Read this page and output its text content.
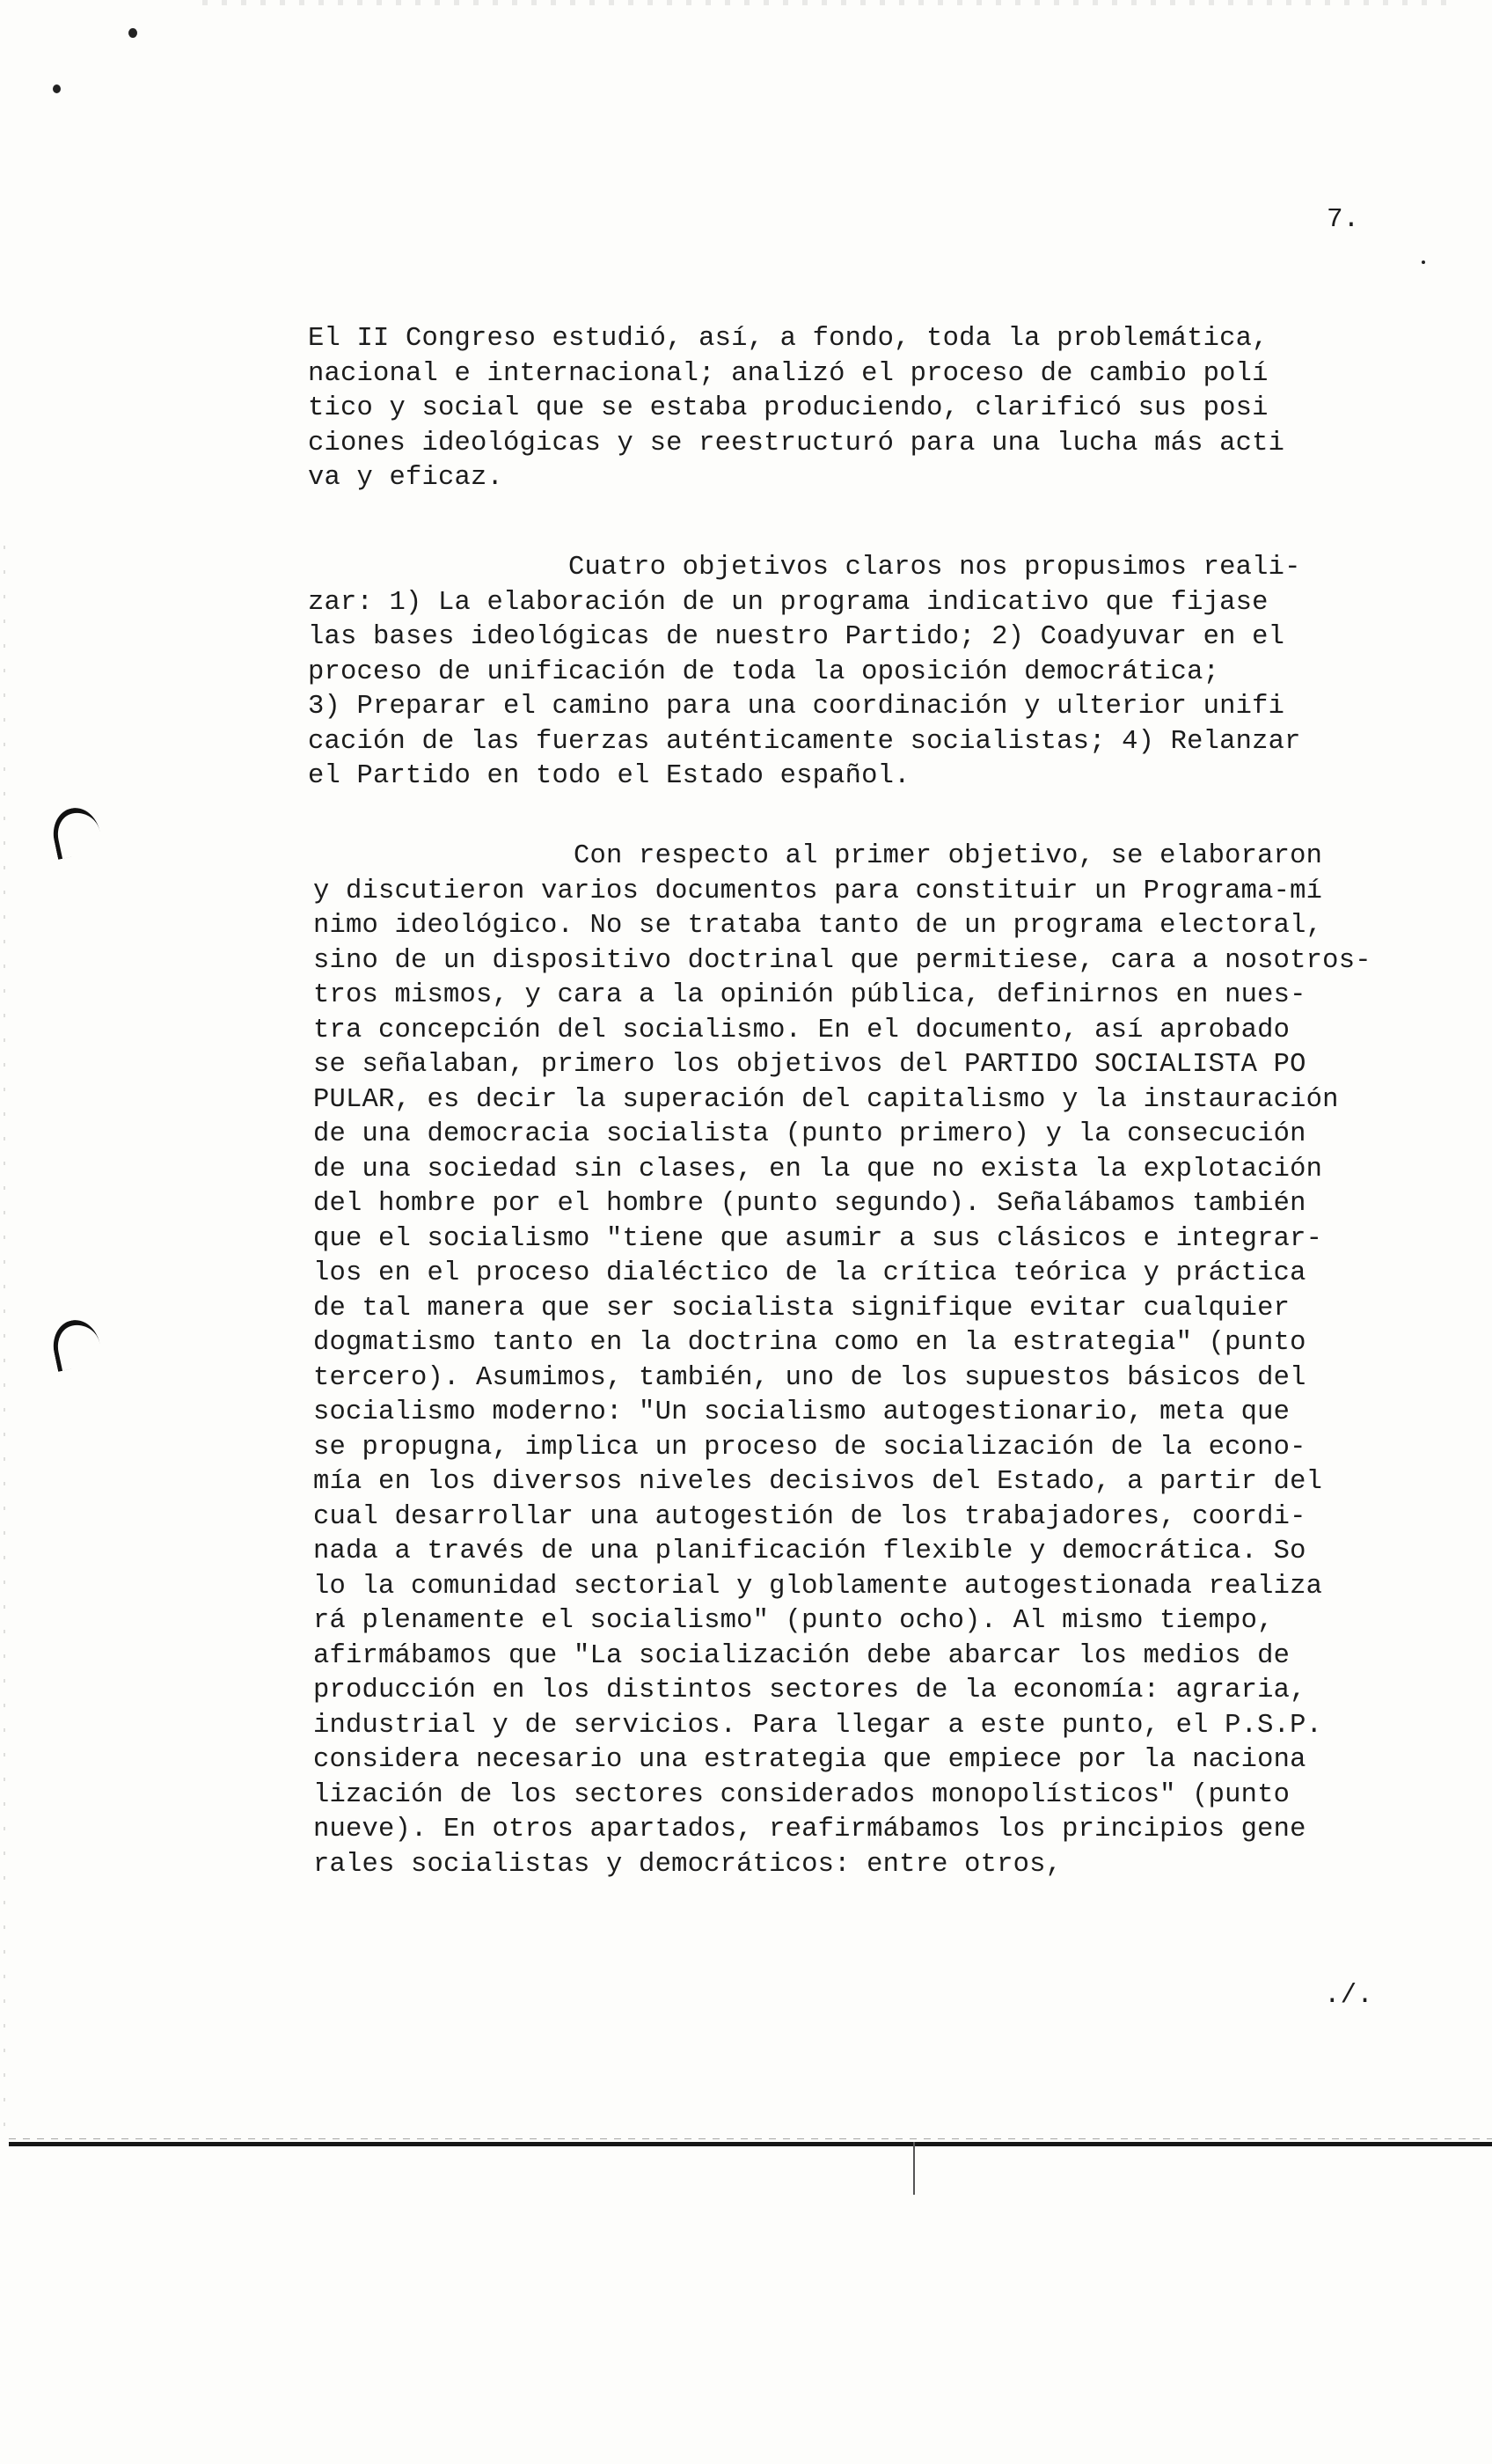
7.

El II Congreso estudió, así, a fondo, toda la problemática,
nacional e internacional; analizó el proceso de cambio polí
tico y social que se estaba produciendo, clarificó sus posi
ciones ideológicas y se reestructuró para una lucha más acti
va y eficaz.

Cuatro objetivos claros nos propusimos reali-
zar: 1) La elaboración de un programa indicativo que fijase
las bases ideológicas de nuestro Partido; 2) Coadyuvar en el
proceso de unificación de toda la oposición democrática;
3) Preparar el camino para una coordinación y ulterior unifi
cación de las fuerzas auténticamente socialistas; 4) Relanzar
el Partido en todo el Estado español.

Con respecto al primer objetivo, se elaboraron
y discutieron varios documentos para constituir un Programa-mí
nimo ideológico. No se trataba tanto de un programa electoral,
sino de un dispositivo doctrinal que permitiese, cara a nosotros-
tros mismos, y cara a la opinión pública, definirnos en nues-
tra concepción del socialismo. En el documento, así aprobado
se señalaban, primero los objetivos del PARTIDO SOCIALISTA PO
PULAR, es decir la superación del capitalismo y la instauración
de una democracia socialista (punto primero) y la consecución
de una sociedad sin clases, en la que no exista la explotación
del hombre por el hombre (punto segundo). Señalábamos también
que el socialismo "tiene que asumir a sus clásicos e integrar-
los en el proceso dialéctico de la crítica teórica y práctica
de tal manera que ser socialista signifique evitar cualquier
dogmatismo tanto en la doctrina como en la estrategia" (punto
tercero). Asumimos, también, uno de los supuestos básicos del
socialismo moderno: "Un socialismo autogestionario, meta que
se propugna, implica un proceso de socialización de la econo-
mía en los diversos niveles decisivos del Estado, a partir del
cual desarrollar una autogestión de los trabajadores, coordi-
nada a través de una planificación flexible y democrática. So
lo la comunidad sectorial y globlamente autogestionada realiza
rá plenamente el socialismo" (punto ocho). Al mismo tiempo,
afirmábamos que "La socialización debe abarcar los medios de
producción en los distintos sectores de la economía: agraria,
industrial y de servicios. Para llegar a este punto, el P.S.P.
considera necesario una estrategia que empiece por la naciona
lización de los sectores considerados monopolísticos" (punto
nueve). En otros apartados, reafirmábamos los principios gene
rales socialistas y democráticos: entre otros,

./.
